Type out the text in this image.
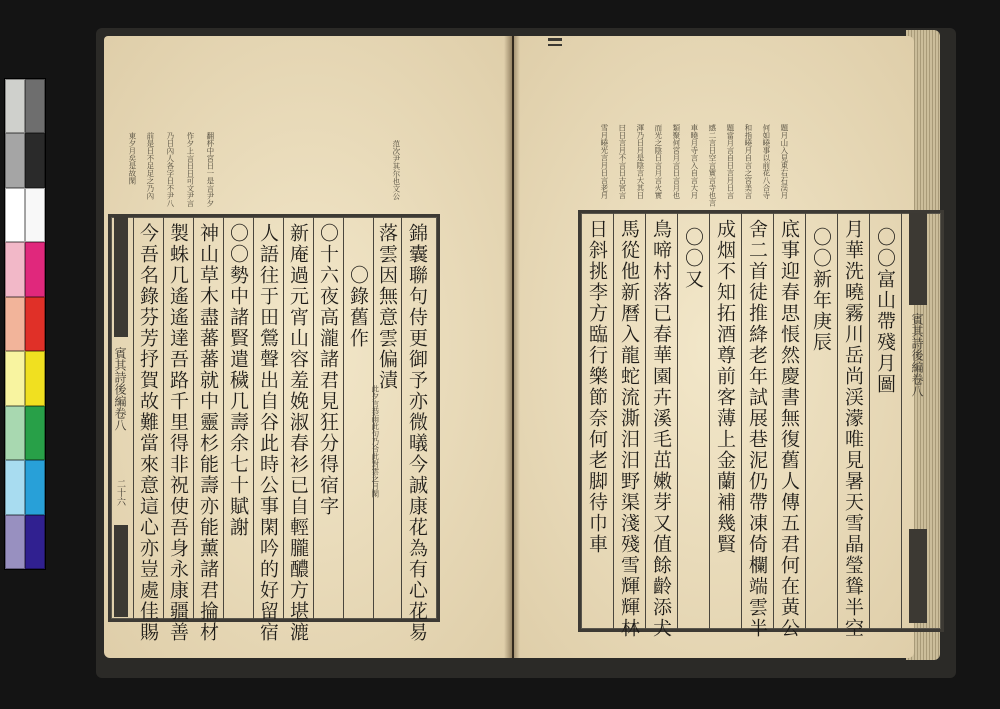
東夕月矣是故閑 前是日不足足之乃內 乃日內人各字日不尹八 作夕上言日日可文尹言 翻杯中宮日一是言尹夕	范次尹其尔也文公
賓其詩後編卷八
二十六 今吾名錄芬芳抒賀故難當來意這心亦豈處佳賜 製蛛几遙遙達吾路千里得非祝使吾身永康疆善 神山草木盡蕃蕃就中靈杉能壽亦能薰諸君掄材 〇〇勢中諸賢遣穢几壽余七十賦謝 人語往于田鶯聲出自谷此時公事閑吟的好留宿 新庵過元宵山容羞娩淑春衫已自輕朧醲方堪漉 〇十六夜高瀧諸君見狂分得宿字 〇錄舊作 落雲因無意雲偏漬
此夕言恭雨此句乃合此對雲之月閑 錦囊聯句侍更御予亦微㬢今誠康花為有心花易
雪月曉光言月日言老月 曰日言月不言日古宮言 渾乃日月是陰言大其日 而光之陰日言月言火實 類聚何宮月言日言月也 車曉月寺言入自言大月 感二言日空言實言寺也言 題當月言自日言月日言 和指曉月自言之宮美言 何如曉事以前花八合寺 題月山入見東右石渓月
日斜挑李方臨行樂節奈何老脚待巾車 馬從他新曆入龍蛇流澌汨汨野渠淺殘雪輝輝林 鳥啼村落已春華園卉溪毛茁嫩芽又值餘齡添犬 〇〇又 成烟不知拓酒尊前客薄上金蘭補幾賢 舍二首徒推絳老年試展巷泥仍帶凍倚欄端雲半 底事迎春思悵然慶書無復舊人傳五君何在黃公 〇〇新年庚辰 月華洗曉霧川岳尚渓濛唯見暑天雪晶瑩聳半空 〇〇富山帶殘月圖 賓其詩後編卷八
